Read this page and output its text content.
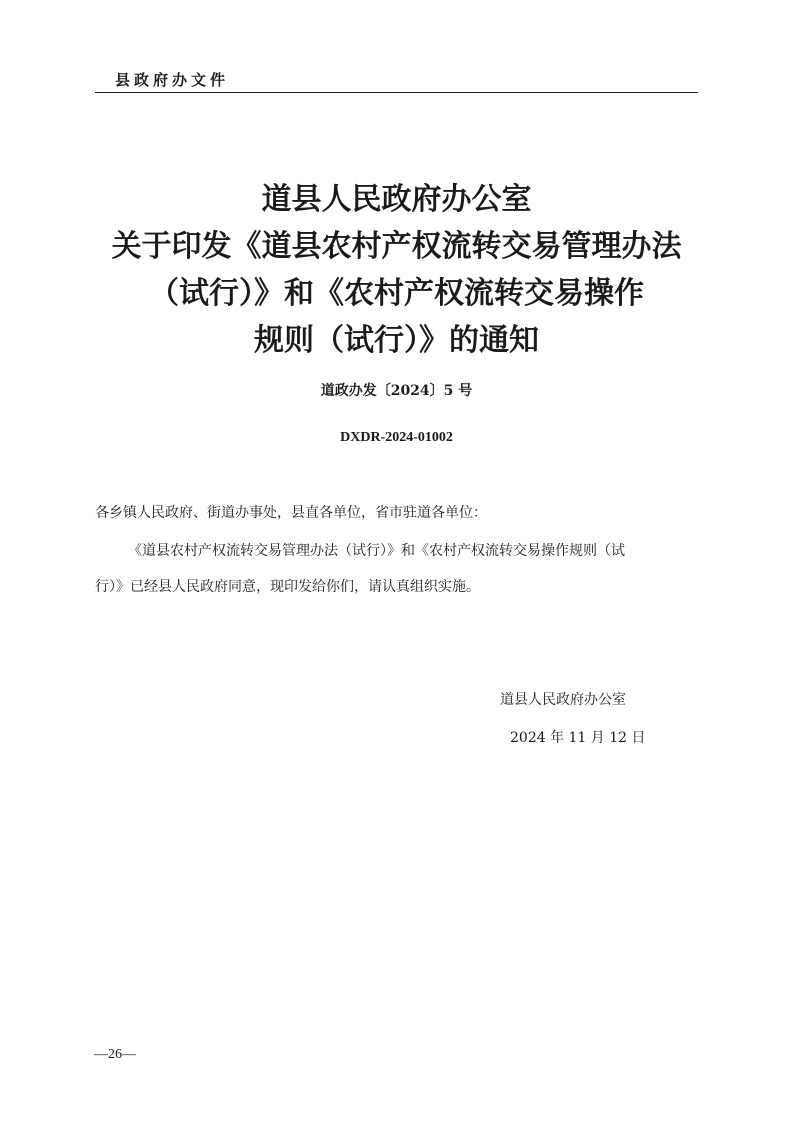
县政府办文件
道县人民政府办公室
关于印发《道县农村产权流转交易管理办法
（试行）》和《农村产权流转交易操作
规则（试行）》的通知
道政办发〔2024〕5 号
DXDR-2024-01002
各乡镇人民政府、街道办事处，县直各单位，省市驻道各单位：
《道县农村产权流转交易管理办法（试行）》和《农村产权流转交易操作规则（试
行）》已经县人民政府同意，现印发给你们，请认真组织实施。
道县人民政府办公室
2024 年 11 月 12 日
—26—
